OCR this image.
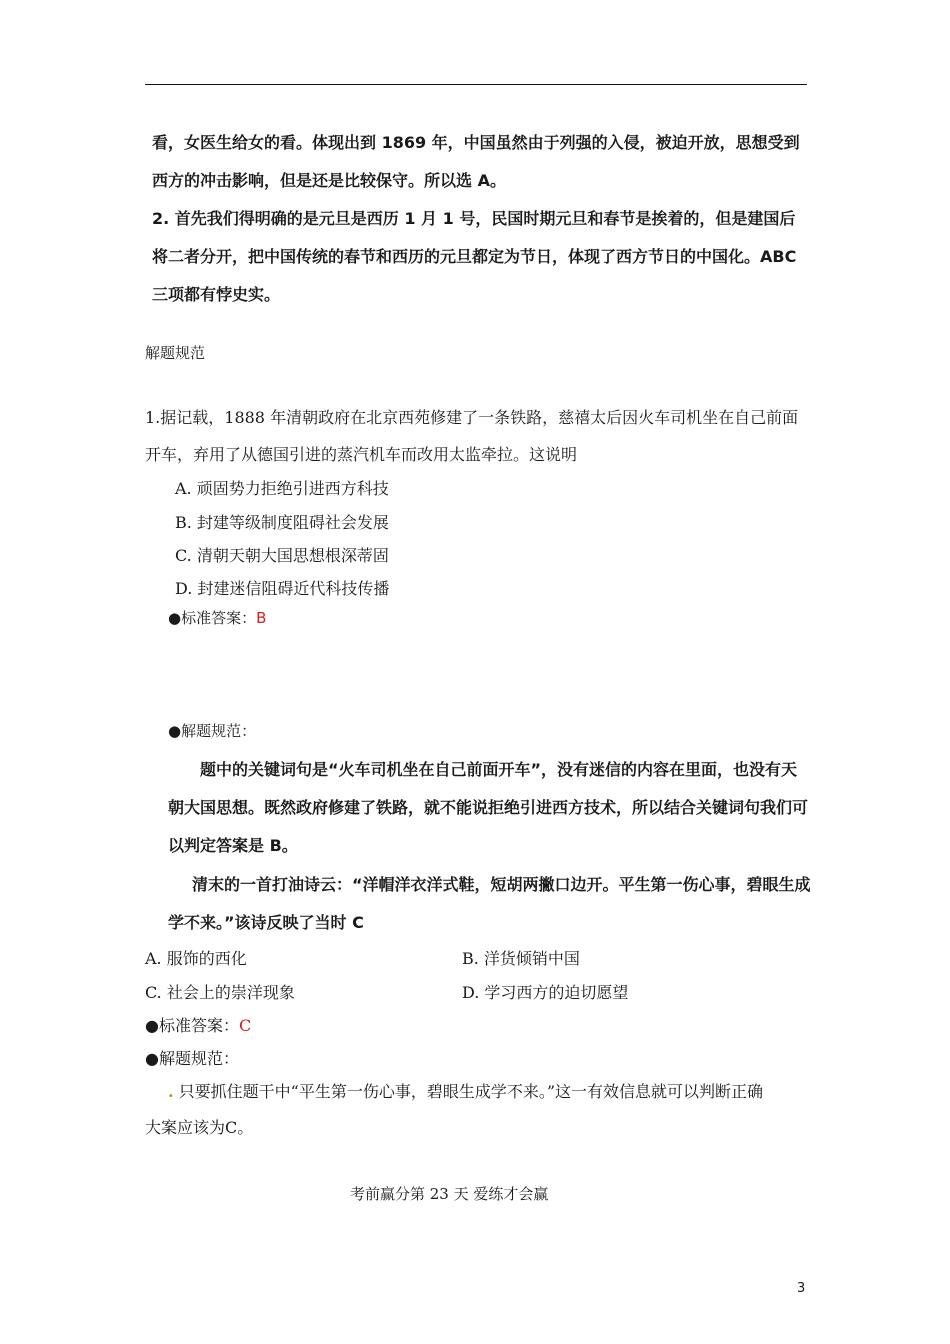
看，女医生给女的看。体现出到 1869 年，中国虽然由于列强的入侵，被迫开放，思想受到
西方的冲击影响，但是还是比较保守。所以选 A。
2. 首先我们得明确的是元旦是西历 1 月 1 号，民国时期元旦和春节是挨着的，但是建国后
将二者分开，把中国传统的春节和西历的元旦都定为节日，体现了西方节日的中国化。ABC
三项都有悖史实。
解题规范
1.据记载，1888 年清朝政府在北京西苑修建了一条铁路，慈禧太后因火车司机坐在自己前面
开车，弃用了从德国引进的蒸汽机车而改用太监牵拉。这说明
A. 顽固势力拒绝引进西方科技
B. 封建等级制度阻碍社会发展
C. 清朝天朝大国思想根深蒂固
D. 封建迷信阻碍近代科技传播
●标准答案：B
●解题规范：
题中的关键词句是“火车司机坐在自己前面开车”，没有迷信的内容在里面，也没有天
朝大国思想。既然政府修建了铁路，就不能说拒绝引进西方技术，所以结合关键词句我们可
以判定答案是 B。
清末的一首打油诗云：“洋帽洋衣洋式鞋，短胡两撇口边开。平生第一伤心事，碧眼生成
学不来。”该诗反映了当时 C
A. 服饰的西化	B. 洋货倾销中国
C. 社会上的崇洋现象	D. 学习西方的迫切愿望
●标准答案：C
●解题规范：
. 只要抓住题干中“平生第一伤心事，碧眼生成学不来。”这一有效信息就可以判断正确
大案应该为C。
考前赢分第 23 天 爱练才会赢
3
